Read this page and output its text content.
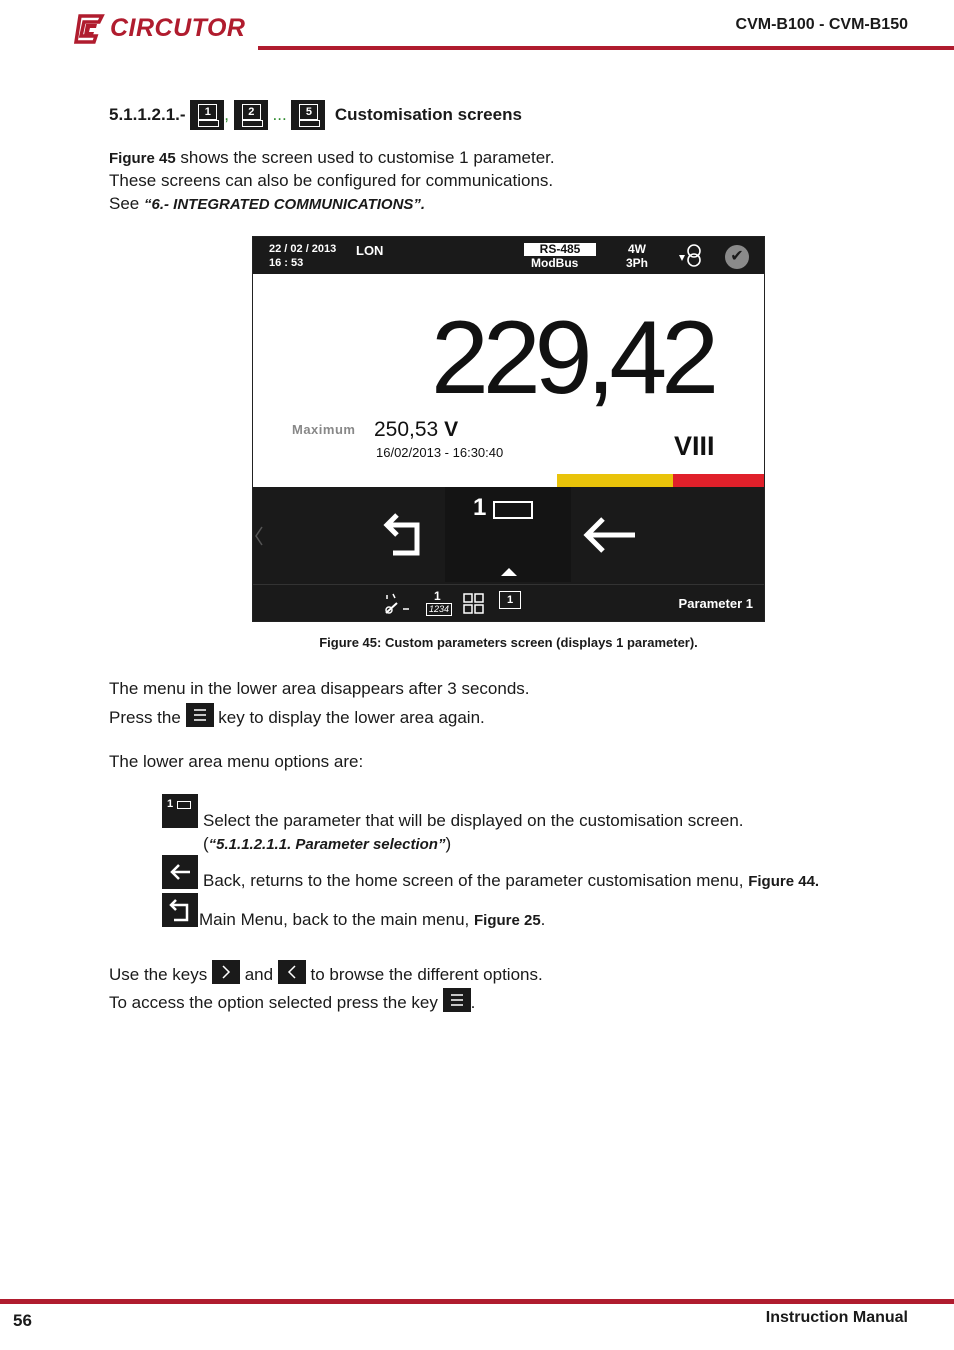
CIRCUTOR	CVM-B100 - CVM-B150
5.1.1.2.1.-	1 ,	2	...	5	Customisation screens
Figure 45 shows the screen used to customise 1 parameter.
These screens can also be configured for communications.
See “6.- INTEGRATED COMMUNICATIONS”.
22 / 02 / 2013
16 : 53
LON	RS-485
ModBus
4W
3Ph	✔
229,42
Maximum 250,53 V
16/02/2013 - 16:30:40	VIII
1
1
1234
1	Parameter 1
Figure 45: Custom parameters screen (displays 1 parameter).
The menu in the lower area disappears after 3 seconds.
Press the  key to display the lower area again.
The lower area menu options are:
1
Select the parameter that will be displayed on the customisation screen.
(“5.1.1.2.1.1. Parameter selection”)
Back, returns to the home screen of the parameter customisation menu, Figure 44.
Main Menu, back to the main menu, Figure 25.
Use the keys  and  to browse the different options.
To access the option selected press the key .
56	Instruction Manual
